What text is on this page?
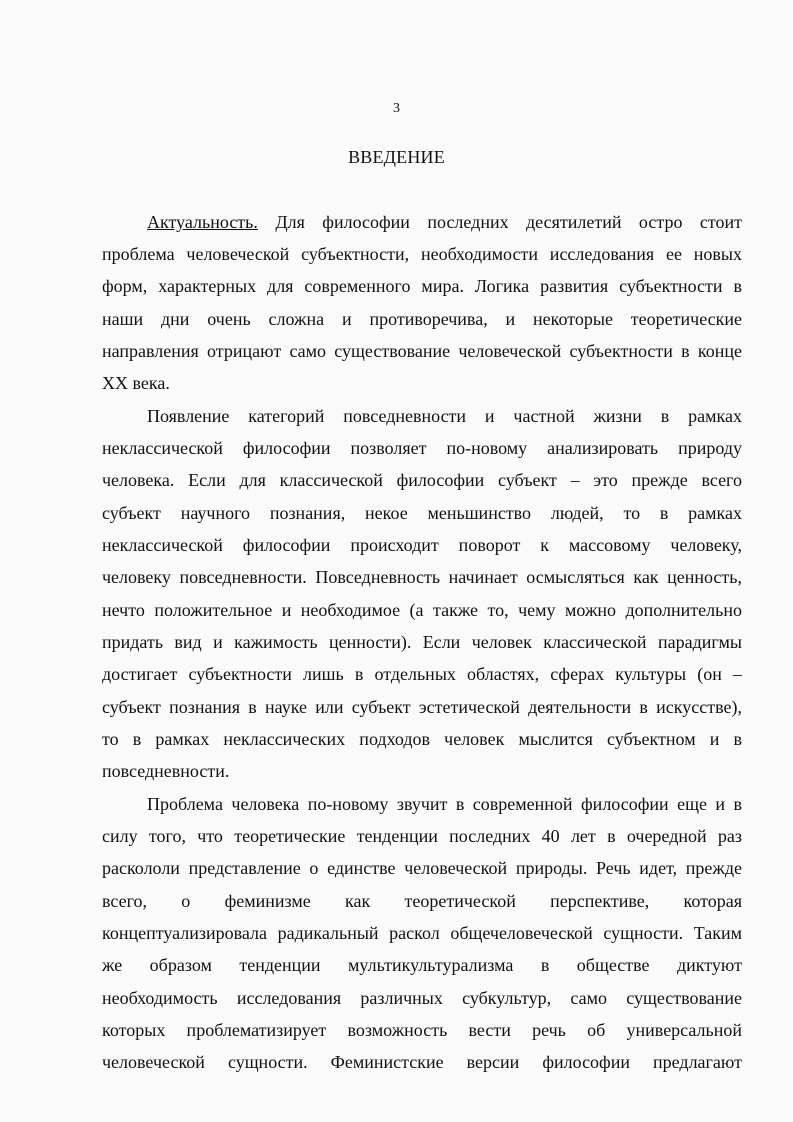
3
ВВЕДЕНИЕ
Актуальность. Для философии последних десятилетий остро стоит
проблема человеческой субъектности, необходимости исследования ее новых
форм, характерных для современного мира. Логика развития субъектности в
наши дни очень сложна и противоречива, и некоторые теоретические
направления отрицают само существование человеческой субъектности в конце
XX века.
Появление категорий повседневности и частной жизни в рамках
неклассической философии позволяет по-новому анализировать природу
человека. Если для классической философии субъект – это прежде всего
субъект научного познания, некое меньшинство людей, то в рамках
неклассической философии происходит поворот к массовому человеку,
человеку повседневности. Повседневность начинает осмысляться как ценность,
нечто положительное и необходимое (а также то, чему можно дополнительно
придать вид и кажимость ценности). Если человек классической парадигмы
достигает субъектности лишь в отдельных областях, сферах культуры (он –
субъект познания в науке или субъект эстетической деятельности в искусстве),
то в рамках неклассических подходов человек мыслится субъектном и в
повседневности.
Проблема человека по-новому звучит в современной философии еще и в
силу того, что теоретические тенденции последних 40 лет в очередной раз
раскололи представление о единстве человеческой природы. Речь идет, прежде
всего, о феминизме как теоретической перспективе, которая
концептуализировала радикальный раскол общечеловеческой сущности. Таким
же образом тенденции мультикультурализма в обществе диктуют
необходимость исследования различных субкультур, само существование
которых проблематизирует возможность вести речь об универсальной
человеческой сущности. Феминистские версии философии предлагают
